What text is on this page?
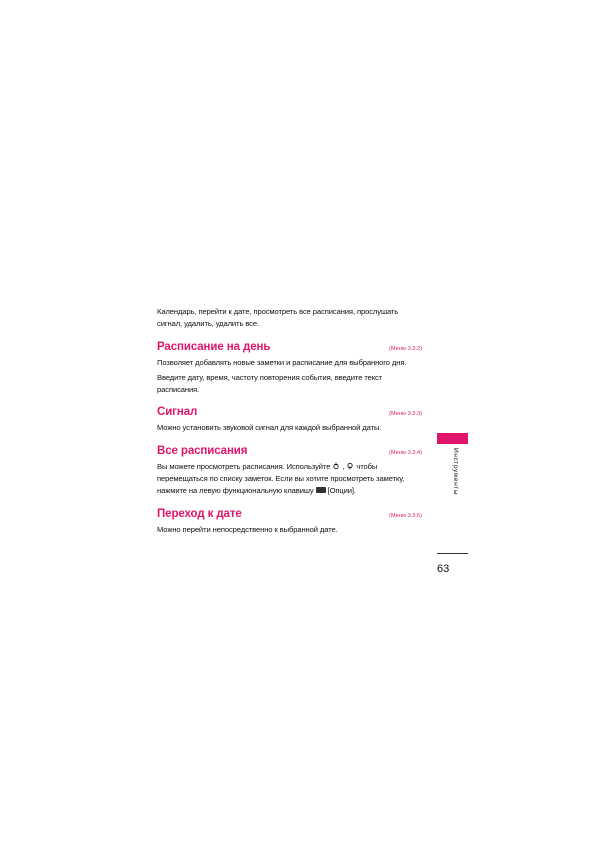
Календарь, перейти к дате, просмотреть все расписания, прослушать сигнал, удалить, удалить все.

Расписание на день	(Меню 3.3.2)

Позволяет добавлять новые заметки и расписание для выбранного дня.

Введите дату, время, частоту повторения события, введите текст расписания.

Сигнал	(Меню 3.3.3)

Можно установить звуковой сигнал для каждой выбранной даты.

Все расписания	(Меню 3.3.4)

Вы можете просмотреть расписания. Используйте , чтобы перемещаться по списку заметок. Если вы хотите просмотреть заметку, нажмите на левую функциональную клавишу [Опции].

Переход к дате	(Меню 3.3.5)

Можно перейти непосредственно к выбранной дате.

Инструменты
63
